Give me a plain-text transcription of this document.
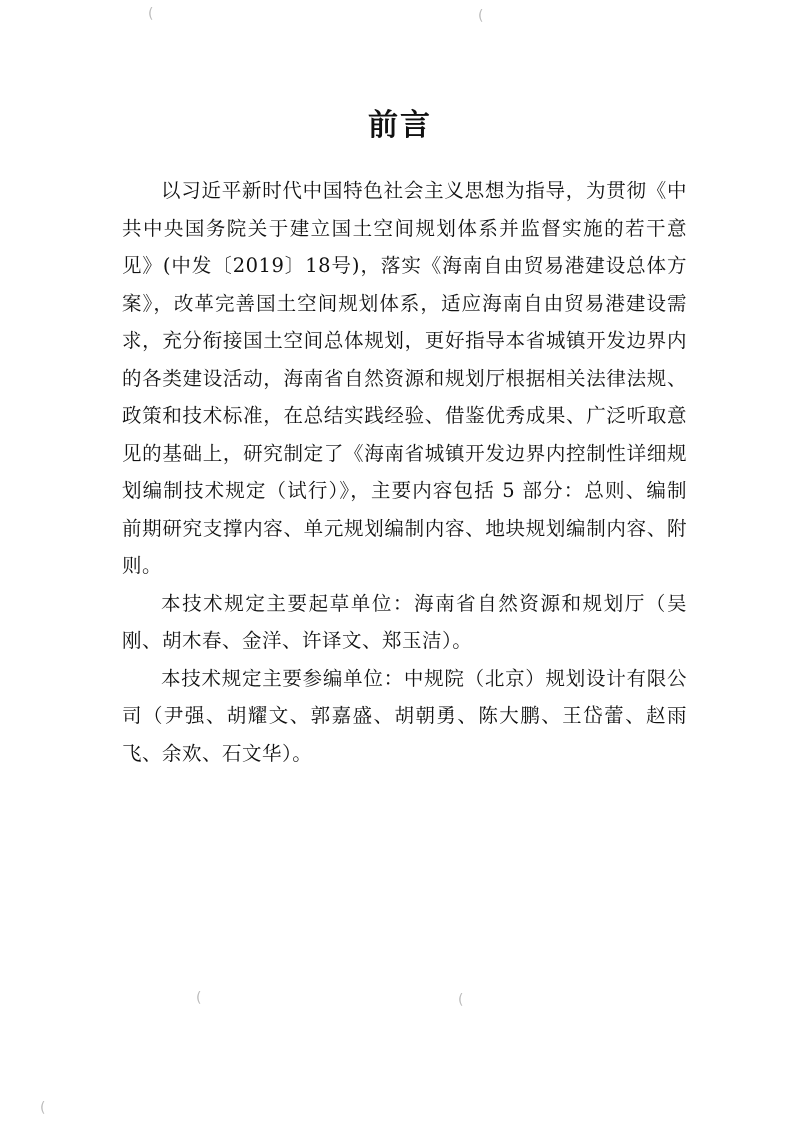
(	(
前言

以习近平新时代中国特色社会主义思想为指导，为贯彻《中共中央国务院关于建立国土空间规划体系并监督实施的若干意见》(中发〔2019〕18号)，落实《海南自由贸易港建设总体方案》，改革完善国土空间规划体系，适应海南自由贸易港建设需求，充分衔接国土空间总体规划，更好指导本省城镇开发边界内的各类建设活动，海南省自然资源和规划厅根据相关法律法规、政策和技术标准，在总结实践经验、借鉴优秀成果、广泛听取意见的基础上，研究制定了《海南省城镇开发边界内控制性详细规划编制技术规定（试行）》，主要内容包括 5 部分：总则、编制前期研究支撑内容、单元规划编制内容、地块规划编制内容、附则。

本技术规定主要起草单位：海南省自然资源和规划厅（吴刚、胡木春、金洋、许译文、郑玉洁）。

本技术规定主要参编单位：中规院（北京）规划设计有限公司（尹强、胡耀文、郭嘉盛、胡朝勇、陈大鹏、王岱蕾、赵雨飞、余欢、石文华）。

(	(
(
